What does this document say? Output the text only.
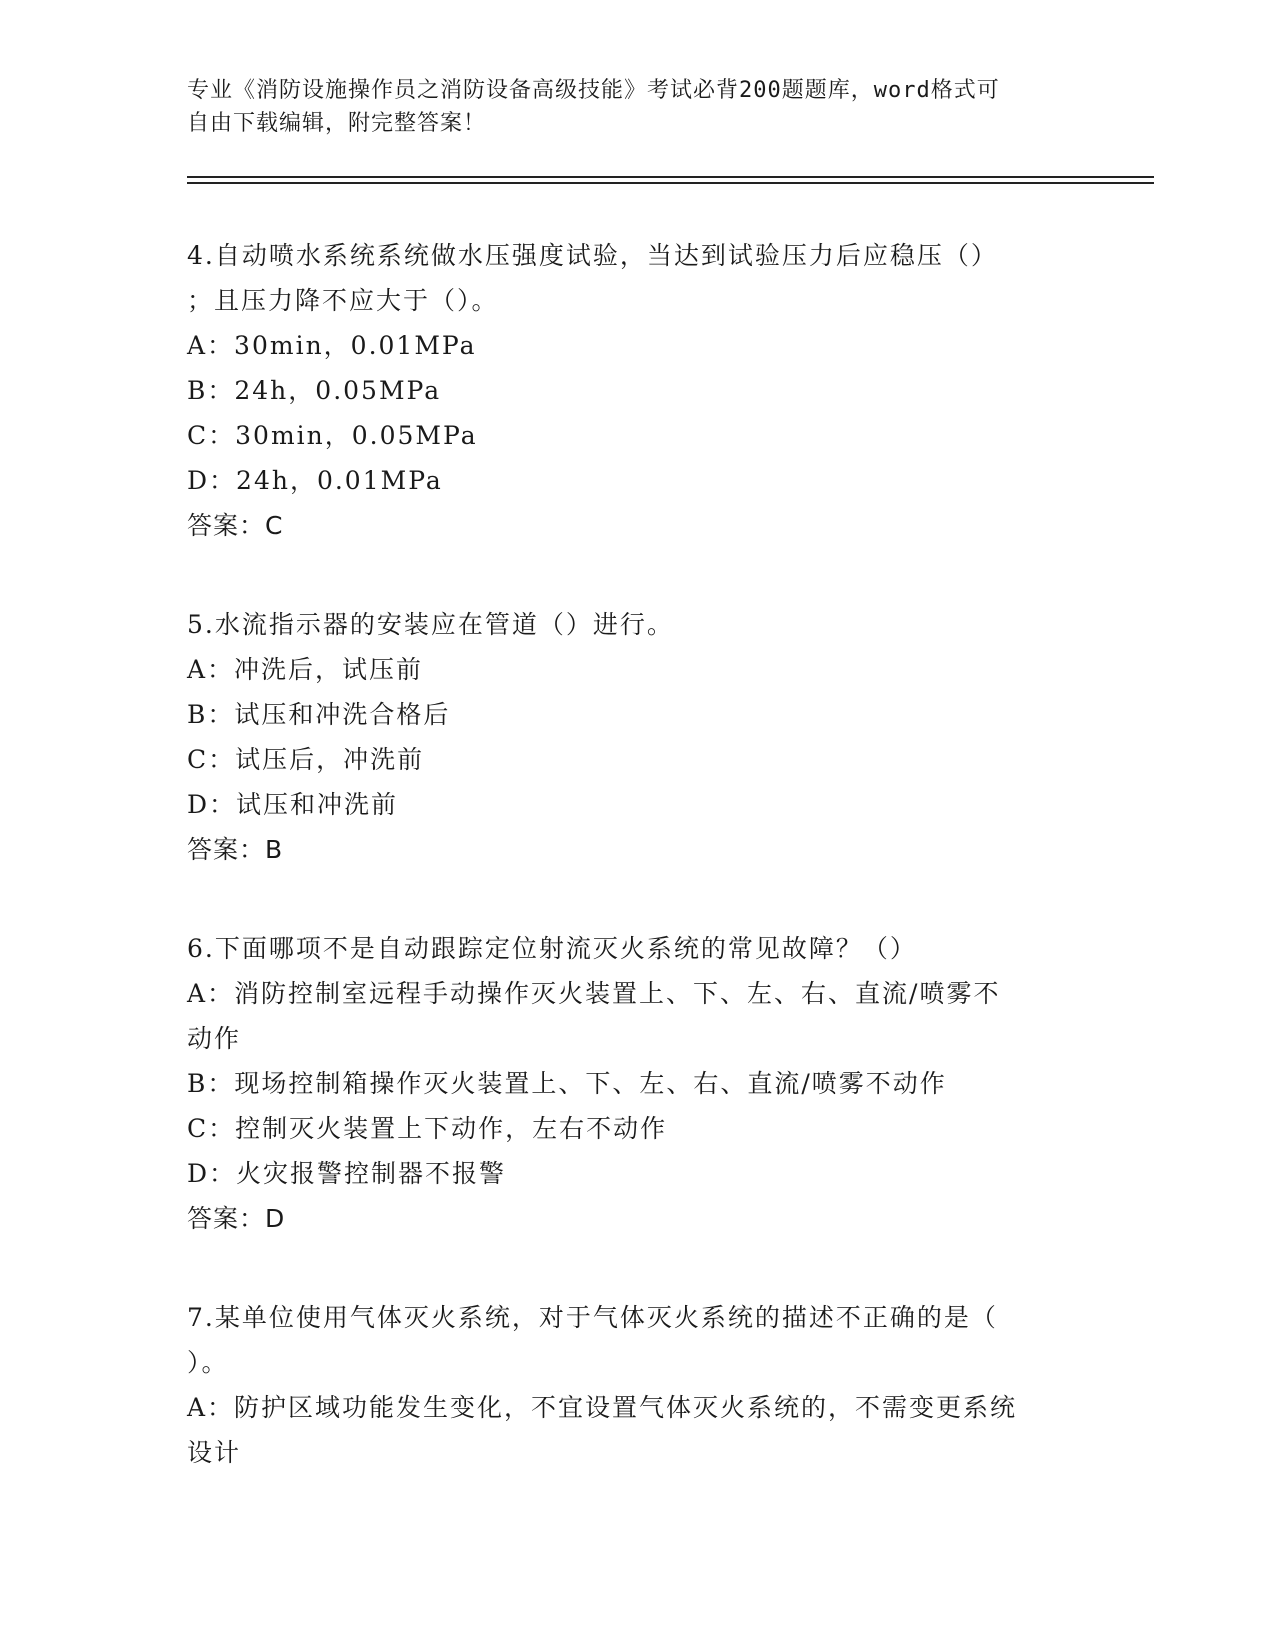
专业《消防设施操作员之消防设备高级技能》考试必背200题题库，word格式可

自由下载编辑，附完整答案！

4.自动喷水系统系统做水压强度试验，当达到试验压力后应稳压（）

；且压力降不应大于（）。

A：30min，0.01MPa

B：24h，0.05MPa

C：30min，0.05MPa

D：24h，0.01MPa

答案：C

5.水流指示器的安装应在管道（）进行。

A：冲洗后，试压前

B：试压和冲洗合格后

C：试压后，冲洗前

D：试压和冲洗前

答案：B

6.下面哪项不是自动跟踪定位射流灭火系统的常见故障？（）

A：消防控制室远程手动操作灭火装置上、下、左、右、直流/喷雾不

动作

B：现场控制箱操作灭火装置上、下、左、右、直流/喷雾不动作

C：控制灭火装置上下动作，左右不动作

D：火灾报警控制器不报警

答案：D

7.某单位使用气体灭火系统，对于气体灭火系统的描述不正确的是（

）。

A：防护区域功能发生变化，不宜设置气体灭火系统的，不需变更系统

设计
